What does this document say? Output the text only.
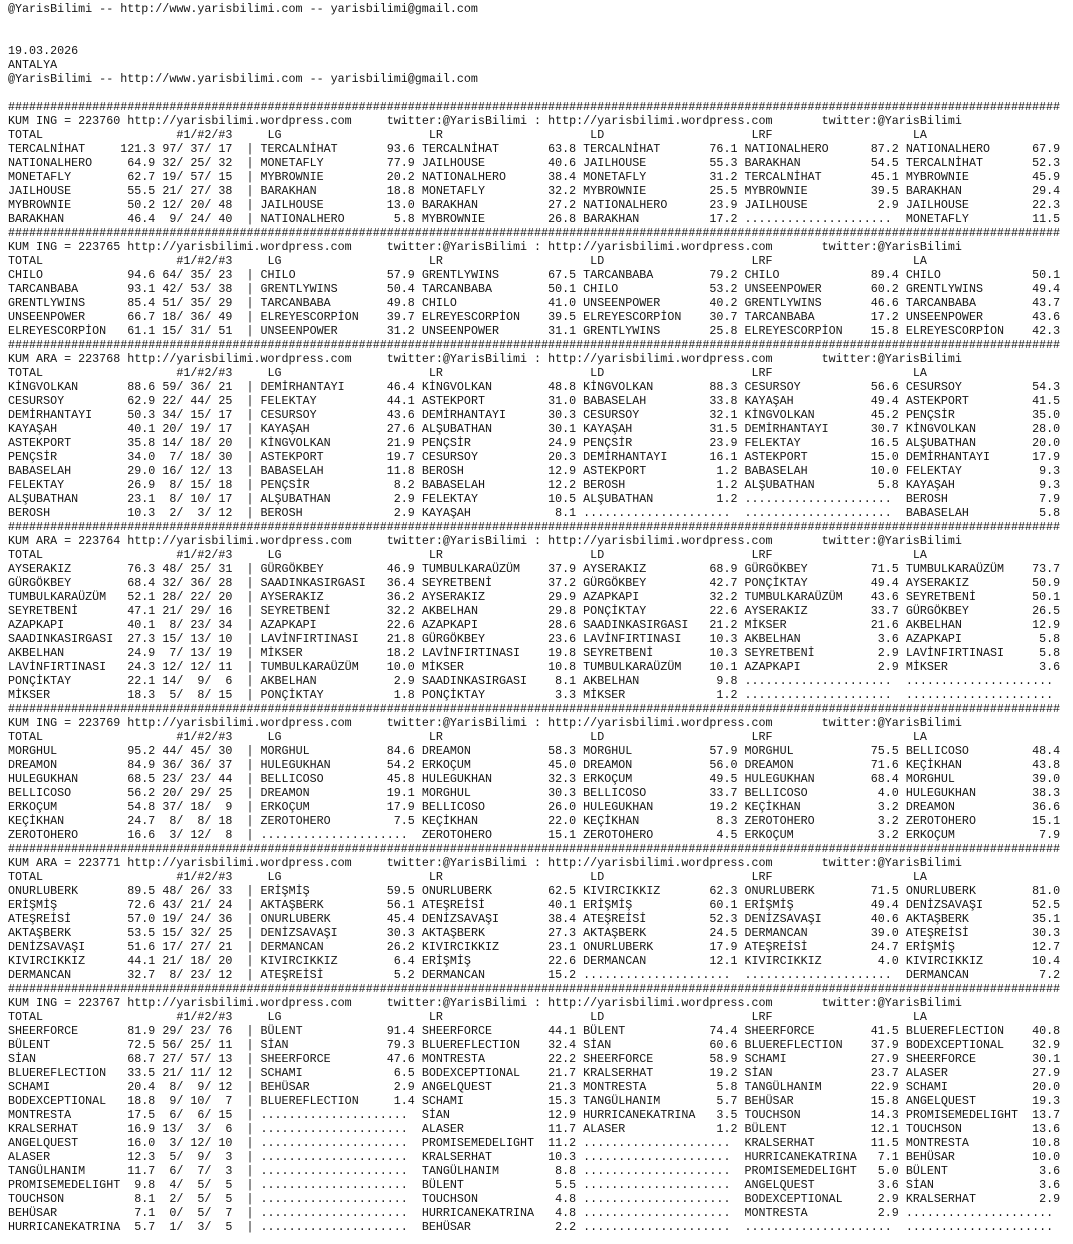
@YarisBilimi -- http://www.yarisbilimi.com -- yarisbilimi@gmail.com
19.03.2026
ANTALYA
@YarisBilimi -- http://www.yarisbilimi.com -- yarisbilimi@gmail.com
######################################################################################################################################################
KUM ING = 223760 http://yarisbilimi.wordpress.com	twitter:@YarisBilimi : http://yarisbilimi.wordpress.com	twitter:@YarisBilimi
TOTAL                   #1/#2/#3     LG                     LR                     LD                     LRF                    LA
TERCALNİHAT     121.3 97/ 37/ 17  | TERCALNİHAT       93.6 TERCALNİHAT       63.8 TERCALNİHAT       76.1 NATIONALHERO      87.2 NATIONALHERO      67.9
NATIONALHERO     64.9 32/ 25/ 32  | MONETAFLY         77.9 JAILHOUSE         40.6 JAILHOUSE         55.3 BARAKHAN          54.5 TERCALNİHAT       52.3
MONETAFLY        62.7 19/ 57/ 15  | MYBROWNIE         20.2 NATIONALHERO      38.4 MONETAFLY         31.2 TERCALNİHAT       45.1 MYBROWNIE         45.9
JAILHOUSE        55.5 21/ 27/ 38  | BARAKHAN          18.8 MONETAFLY         32.2 MYBROWNIE         25.5 MYBROWNIE         39.5 BARAKHAN          29.4
MYBROWNIE        50.2 12/ 20/ 48  | JAILHOUSE         13.0 BARAKHAN          27.2 NATIONALHERO      23.9 JAILHOUSE          2.9 JAILHOUSE         22.3
BARAKHAN         46.4  9/ 24/ 40  | NATIONALHERO       5.8 MYBROWNIE         26.8 BARAKHAN          17.2 .....................  MONETAFLY         11.5
######################################################################################################################################################
KUM ING = 223765 http://yarisbilimi.wordpress.com	twitter:@YarisBilimi : http://yarisbilimi.wordpress.com	twitter:@YarisBilimi
TOTAL                   #1/#2/#3     LG                     LR                     LD                     LRF                    LA
CHILO            94.6 64/ 35/ 23  | CHILO             57.9 GRENTLYWINS       67.5 TARCANBABA        79.2 CHILO             89.4 CHILO             50.1
TARCANBABA       93.1 42/ 53/ 38  | GRENTLYWINS       50.4 TARCANBABA        50.1 CHILO             53.2 UNSEENPOWER       60.2 GRENTLYWINS       49.4
GRENTLYWINS      85.4 51/ 35/ 29  | TARCANBABA        49.8 CHILO             41.0 UNSEENPOWER       40.2 GRENTLYWINS       46.6 TARCANBABA        43.7
UNSEENPOWER      66.7 18/ 36/ 49  | ELREYESCORPİON    39.7 ELREYESCORPİON    39.5 ELREYESCORPİON    30.7 TARCANBABA        17.2 UNSEENPOWER       43.6
ELREYESCORPİON   61.1 15/ 31/ 51  | UNSEENPOWER       31.2 UNSEENPOWER       31.1 GRENTLYWINS       25.8 ELREYESCORPİON    15.8 ELREYESCORPİON    42.3
######################################################################################################################################################
KUM ARA = 223768 http://yarisbilimi.wordpress.com	twitter:@YarisBilimi : http://yarisbilimi.wordpress.com	twitter:@YarisBilimi
TOTAL                   #1/#2/#3     LG                     LR                     LD                     LRF                    LA
KİNGVOLKAN       88.6 59/ 36/ 21  | DEMİRHANTAYI      46.4 KİNGVOLKAN        48.8 KİNGVOLKAN        88.3 CESURSOY          56.6 CESURSOY          54.3
CESURSOY         62.9 22/ 44/ 25  | FELEKTAY          44.1 ASTEKPORT         31.0 BABASELAH         33.8 KAYAŞAH           49.4 ASTEKPORT         41.5
DEMİRHANTAYI     50.3 34/ 15/ 17  | CESURSOY          43.6 DEMİRHANTAYI      30.3 CESURSOY          32.1 KİNGVOLKAN        45.2 PENÇSİR           35.0
KAYAŞAH          40.1 20/ 19/ 17  | KAYAŞAH           27.6 ALŞUBATHAN        30.1 KAYAŞAH           31.5 DEMİRHANTAYI      30.7 KİNGVOLKAN        28.0
ASTEKPORT        35.8 14/ 18/ 20  | KİNGVOLKAN        21.9 PENÇSİR           24.9 PENÇSİR           23.9 FELEKTAY          16.5 ALŞUBATHAN        20.0
PENÇSİR          34.0  7/ 18/ 30  | ASTEKPORT         19.7 CESURSOY          20.3 DEMİRHANTAYI      16.1 ASTEKPORT         15.0 DEMİRHANTAYI      17.9
BABASELAH        29.0 16/ 12/ 13  | BABASELAH         11.8 BEROSH            12.9 ASTEKPORT          1.2 BABASELAH         10.0 FELEKTAY           9.3
FELEKTAY         26.9  8/ 15/ 18  | PENÇSİR            8.2 BABASELAH         12.2 BEROSH             1.2 ALŞUBATHAN         5.8 KAYAŞAH            9.3
ALŞUBATHAN       23.1  8/ 10/ 17  | ALŞUBATHAN         2.9 FELEKTAY          10.5 ALŞUBATHAN         1.2 .....................  BEROSH             7.9
BEROSH           10.3  2/  3/ 12  | BEROSH             2.9 KAYAŞAH            8.1 .....................  .....................  BABASELAH          5.8
######################################################################################################################################################
KUM ARA = 223764 http://yarisbilimi.wordpress.com	twitter:@YarisBilimi : http://yarisbilimi.wordpress.com	twitter:@YarisBilimi
TOTAL                   #1/#2/#3     LG                     LR                     LD                     LRF                    LA
AYSERAKIZ        76.3 48/ 25/ 31  | GÜRGÖKBEY         46.9 TUMBULKARAÜZÜM    37.9 AYSERAKIZ         68.9 GÜRGÖKBEY         71.5 TUMBULKARAÜZÜM    73.7
GÜRGÖKBEY        68.4 32/ 36/ 28  | SAADINKASIRGASI   36.4 SEYRETBENİ        37.2 GÜRGÖKBEY         42.7 PONÇİKTAY         49.4 AYSERAKIZ         50.9
TUMBULKARAÜZÜM   52.1 28/ 22/ 20  | AYSERAKIZ         36.2 AYSERAKIZ         29.9 AZAPKAPI          32.2 TUMBULKARAÜZÜM    43.6 SEYRETBENİ        50.1
SEYRETBENİ       47.1 21/ 29/ 16  | SEYRETBENİ        32.2 AKBELHAN          29.8 PONÇİKTAY         22.6 AYSERAKIZ         33.7 GÜRGÖKBEY         26.5
AZAPKAPI         40.1  8/ 23/ 34  | AZAPKAPI          22.6 AZAPKAPI          28.6 SAADINKASIRGASI   21.2 MİKSER            21.6 AKBELHAN          12.9
SAADINKASIRGASI  27.3 15/ 13/ 10  | LAVİNFIRTINASI    21.8 GÜRGÖKBEY         23.6 LAVİNFIRTINASI    10.3 AKBELHAN           3.6 AZAPKAPI           5.8
AKBELHAN         24.9  7/ 13/ 19  | MİKSER            18.2 LAVİNFIRTINASI    19.8 SEYRETBENİ        10.3 SEYRETBENİ         2.9 LAVİNFIRTINASI     5.8
LAVİNFIRTINASI   24.3 12/ 12/ 11  | TUMBULKARAÜZÜM    10.0 MİKSER            10.8 TUMBULKARAÜZÜM    10.1 AZAPKAPI           2.9 MİKSER             3.6
PONÇİKTAY        22.1 14/  9/  6  | AKBELHAN           2.9 SAADINKASIRGASI    8.1 AKBELHAN           9.8 .....................  .....................
MİKSER           18.3  5/  8/ 15  | PONÇİKTAY          1.8 PONÇİKTAY          3.3 MİKSER             1.2 .....................  .....................
######################################################################################################################################################
KUM ING = 223769 http://yarisbilimi.wordpress.com	twitter:@YarisBilimi : http://yarisbilimi.wordpress.com	twitter:@YarisBilimi
TOTAL                   #1/#2/#3     LG                     LR                     LD                     LRF                    LA
MORGHUL          95.2 44/ 45/ 30  | MORGHUL           84.6 DREAMON           58.3 MORGHUL           57.9 MORGHUL           75.5 BELLICOSO         48.4
DREAMON          84.9 36/ 36/ 37  | HULEGUKHAN        54.2 ERKOÇUM           45.0 DREAMON           56.0 DREAMON           71.6 KEÇİKHAN          43.8
HULEGUKHAN       68.5 23/ 23/ 44  | BELLICOSO         45.8 HULEGUKHAN        32.3 ERKOÇUM           49.5 HULEGUKHAN        68.4 MORGHUL           39.0
BELLICOSO        56.2 20/ 29/ 25  | DREAMON           19.1 MORGHUL           30.3 BELLICOSO         33.7 BELLICOSO          4.0 HULEGUKHAN        38.3
ERKOÇUM          54.8 37/ 18/  9  | ERKOÇUM           17.9 BELLICOSO         26.0 HULEGUKHAN        19.2 KEÇİKHAN           3.2 DREAMON           36.6
KEÇİKHAN         24.7  8/  8/ 18  | ZEROTOHERO         7.5 KEÇİKHAN          22.0 KEÇİKHAN           8.3 ZEROTOHERO         3.2 ZEROTOHERO        15.1
ZEROTOHERO       16.6  3/ 12/  8  | .....................  ZEROTOHERO        15.1 ZEROTOHERO         4.5 ERKOÇUM            3.2 ERKOÇUM            7.9
######################################################################################################################################################
KUM ARA = 223771 http://yarisbilimi.wordpress.com	twitter:@YarisBilimi : http://yarisbilimi.wordpress.com	twitter:@YarisBilimi
TOTAL                   #1/#2/#3     LG                     LR                     LD                     LRF                    LA
ONURLUBERK       89.5 48/ 26/ 33  | ERİŞMİŞ           59.5 ONURLUBERK        62.5 KIVIRCIKKIZ       62.3 ONURLUBERK        71.5 ONURLUBERK        81.0
ERİŞMİŞ          72.6 43/ 21/ 24  | AKTAŞBERK         56.1 ATEŞREİSİ         40.1 ERİŞMİŞ           60.1 ERİŞMİŞ           49.4 DENİZSAVAŞI       52.5
ATEŞREİSİ        57.0 19/ 24/ 36  | ONURLUBERK        45.4 DENİZSAVAŞI       38.4 ATEŞREİSİ         52.3 DENİZSAVAŞI       40.6 AKTAŞBERK         35.1
AKTAŞBERK        53.5 15/ 32/ 25  | DENİZSAVAŞI       30.3 AKTAŞBERK         27.3 AKTAŞBERK         24.5 DERMANCAN         39.0 ATEŞREİSİ         30.3
DENİZSAVAŞI      51.6 17/ 27/ 21  | DERMANCAN         26.2 KIVIRCIKKIZ       23.1 ONURLUBERK        17.9 ATEŞREİSİ         24.7 ERİŞMİŞ           12.7
KIVIRCIKKIZ      44.1 21/ 18/ 20  | KIVIRCIKKIZ        6.4 ERİŞMİŞ           22.6 DERMANCAN         12.1 KIVIRCIKKIZ        4.0 KIVIRCIKKIZ       10.4
DERMANCAN        32.7  8/ 23/ 12  | ATEŞREİSİ          5.2 DERMANCAN         15.2 .....................  .....................  DERMANCAN          7.2
######################################################################################################################################################
KUM ING = 223767 http://yarisbilimi.wordpress.com	twitter:@YarisBilimi : http://yarisbilimi.wordpress.com	twitter:@YarisBilimi
TOTAL                   #1/#2/#3     LG                     LR                     LD                     LRF                    LA
SHEERFORCE       81.9 29/ 23/ 76  | BÜLENT            91.4 SHEERFORCE        44.1 BÜLENT            74.4 SHEERFORCE        41.5 BLUEREFLECTION    40.8
BÜLENT           72.5 56/ 25/ 11  | SİAN              79.3 BLUEREFLECTION    32.4 SİAN              60.6 BLUEREFLECTION    37.9 BODEXCEPTIONAL    32.9
SİAN             68.7 27/ 57/ 13  | SHEERFORCE        47.6 MONTRESTA         22.2 SHEERFORCE        58.9 SCHAMI            27.9 SHEERFORCE        30.1
BLUEREFLECTION   33.5 21/ 11/ 12  | SCHAMI             6.5 BODEXCEPTIONAL    21.7 KRALSERHAT        19.2 SİAN              23.7 ALASER            27.9
SCHAMI           20.4  8/  9/ 12  | BEHÜSAR            2.9 ANGELQUEST        21.3 MONTRESTA          5.8 TANGÜLHANIM       22.9 SCHAMI            20.0
BODEXCEPTIONAL   18.8  9/ 10/  7  | BLUEREFLECTION     1.4 SCHAMI            15.3 TANGÜLHANIM        5.7 BEHÜSAR           15.8 ANGELQUEST        19.3
MONTRESTA        17.5  6/  6/ 15  | .....................  SİAN              12.9 HURRICANEKATRINA   3.5 TOUCHSON          14.3 PROMISEMEDELIGHT  13.7
KRALSERHAT       16.9 13/  3/  6  | .....................  ALASER            11.7 ALASER             1.2 BÜLENT            12.1 TOUCHSON          13.6
ANGELQUEST       16.0  3/ 12/ 10  | .....................  PROMISEMEDELIGHT  11.2 .....................  KRALSERHAT        11.5 MONTRESTA         10.8
ALASER           12.3  5/  9/  3  | .....................  KRALSERHAT        10.3 .....................  HURRICANEKATRINA   7.1 BEHÜSAR           10.0
TANGÜLHANIM      11.7  6/  7/  3  | .....................  TANGÜLHANIM        8.8 .....................  PROMISEMEDELIGHT   5.0 BÜLENT             3.6
PROMISEMEDELIGHT  9.8  4/  5/  5  | .....................  BÜLENT             5.5 .....................  ANGELQUEST         3.6 SİAN               3.6
TOUCHSON          8.1  2/  5/  5  | .....................  TOUCHSON           4.8 .....................  BODEXCEPTIONAL     2.9 KRALSERHAT         2.9
BEHÜSAR           7.1  0/  5/  7  | .....................  HURRICANEKATRINA   4.8 .....................  MONTRESTA          2.9 .....................
HURRICANEKATRINA  5.7  1/  3/  5  | .....................  BEHÜSAR            2.2 .....................  .....................  .....................
